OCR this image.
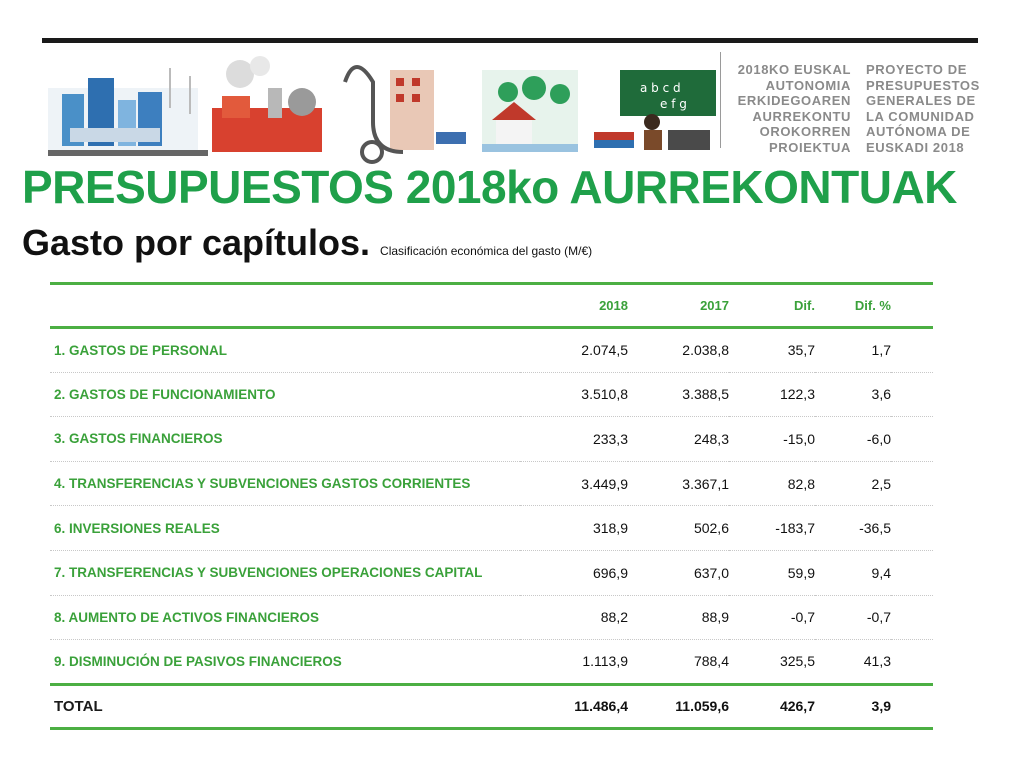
a b c d
e f g
2018KO EUSKAL
AUTONOMIA
ERKIDEGOAREN
AURREKONTU
OROKORREN
PROIEKTUA
PROYECTO DE
PRESUPUESTOS
GENERALES DE
LA COMUNIDAD
AUTÓNOMA DE
EUSKADI 2018
PRESUPUESTOS 2018ko AURREKONTUAK
Gasto por capítulos. Clasificación económica del gasto (M/€)
	2018	2017	Dif.	Dif. %	
1. GASTOS DE PERSONAL	2.074,5	2.038,8	35,7	1,7	
2. GASTOS DE FUNCIONAMIENTO	3.510,8	3.388,5	122,3	3,6	
3. GASTOS FINANCIEROS	233,3	248,3	-15,0	-6,0	
4. TRANSFERENCIAS Y SUBVENCIONES GASTOS CORRIENTES	3.449,9	3.367,1	82,8	2,5	
6. INVERSIONES REALES	318,9	502,6	-183,7	-36,5	
7. TRANSFERENCIAS Y SUBVENCIONES OPERACIONES CAPITAL	696,9	637,0	59,9	9,4	
8. AUMENTO DE ACTIVOS FINANCIEROS	88,2	88,9	-0,7	-0,7	
9. DISMINUCIÓN DE PASIVOS FINANCIEROS	1.113,9	788,4	325,5	41,3	
TOTAL	11.486,4	11.059,6	426,7	3,9	
